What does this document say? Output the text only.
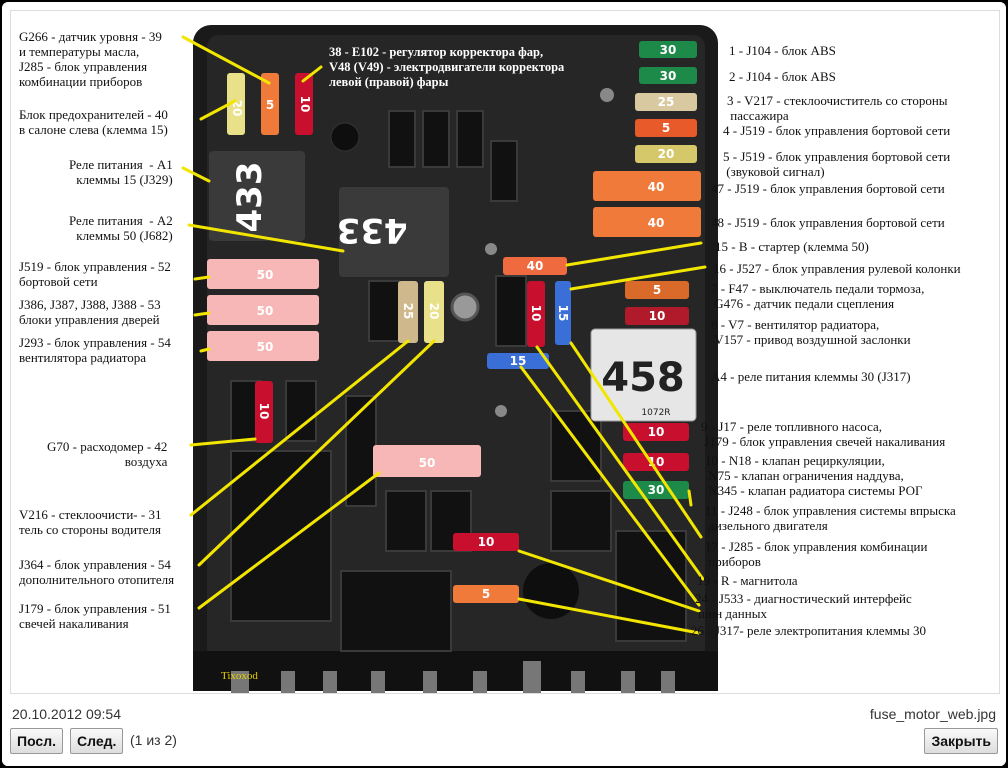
433 433
458
1072R
30
30
25
5
20
40
40
40
5
10
10
10
30
20 5 10
50
50
50
25 20	10 15
15
10
50
10
5
Tixoxod
G266 - датчик уровня - 39
и температуры масла,
J285 - блок управления
комбинации приборов
Блок предохранителей - 40
в салоне слева (клемма 15)
Реле питания  - A1
клеммы 15 (J329)
Реле питания  - A2
клеммы 50 (J682)
J519 - блок управления - 52
бортовой сети
J386, J387, J388, J388 - 53
блоки управления дверей
J293 - блок управления - 54
вентилятора радиатора
G70 - расходомер - 42
воздуха
V216 - стеклоочисти- - 31
тель со стороны водителя
J364 - блок управления - 54
дополнительного отопителя
J179 - блок управления - 51
свечей накаливания
38 - E102 - регулятор корректора фар,
V48 (V49) - электродвигатели корректора
левой (правой) фары
1 - J104 - блок ABS
2 - J104 - блок ABS
3 - V217 - стеклоочиститель со стороны
пассажира
4 - J519 - блок управления бортовой сети
5 - J519 - блок управления бортовой сети
(звуковой сигнал)
47 - J519 - блок управления бортовой сети
48 - J519 - блок управления бортовой сети
15 - B - стартер (клемма 50)
16 - J527 - блок управления рулевой колонки
7 - F47 - выключатель педали тормоза,
G476 - датчик педали сцепления
8 - V7 - вентилятор радиатора,
V157 - привод воздушной заслонки
A4 - реле питания клеммы 30 (J317)
9 - J17 - реле топливного насоса,
J179 - блок управления свечей накаливания
10 - N18 - клапан рециркуляции,
N75 - клапан ограничения наддува,
N345 - клапан радиатора системы РОГ
11 - J248 - блок управления системы впрыска
дизельного двигателя
17 - J285 - блок управления комбинации
приборов
19 - R - магнитола
24 - J533 - диагностический интерфейс
шин данных
26 - J317- реле электропитания клеммы 30
20.10.2012 09:54	fuse_motor_web.jpg
Посл.	След. (1 из 2)	Закрыть
